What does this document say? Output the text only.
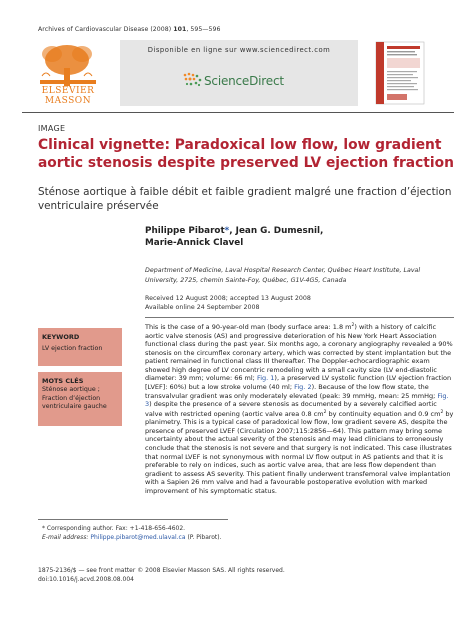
Archives of Cardiovascular Disease (2008) 101, 595—596
ELSEVIER
MASSON
Disponible en ligne sur www.sciencedirect.com
ScienceDirect
IMAGE
Clinical vignette: Paradoxical low flow, low gradient aortic stenosis despite preserved LV ejection fraction
Sténose aortique à faible débit et faible gradient malgré une fraction d’éjection ventriculaire préservée
Philippe Pibarot*, Jean G. Dumesnil,
Marie-Annick Clavel
Department of Medicine, Laval Hospital Research Center, Québec Heart Institute, Laval University, 2725, chemin Sainte-Foy, Québec, G1V-4G5, Canada
Received 12 August 2008; accepted 13 August 2008
Available online 24 September 2008
KEYWORD
LV ejection fraction
MOTS CLÉS
Sténose aortique ;
Fraction d’éjection
ventriculaire gauche
This is the case of a 90-year-old man (body surface area: 1.8 $m^2$) with a history of calcific aortic valve stenosis (AS) and progressive deterioration of his New York Heart Association functional class during the past year. Six months ago, a coronary angiography revealed a 90% stenosis on the circumflex coronary artery, which was corrected by stent implantation but the patient remained in functional class III thereafter. The Doppler-echocardiographic exam showed high degree of LV concentric remodeling with a small cavity size (LV end-diastolic diameter: 39 mm; volume: 66 ml; Fig. 1), a preserved LV systolic function (LV ejection fraction [LVEF]: 60%) but a low stroke volume (40 ml; Fig. 2). Because of the low flow state, the transvalvular gradient was only moderately elevated (peak: 39 mmHg, mean: 25 mmHg; Fig. 3) despite the presence of a severe stenosis as documented by a severely calcified aortic valve with restricted opening (aortic valve area 0.8 $cm^2$ by continuity equation and 0.9 $cm^2$ by planimetry. This is a typical case of paradoxical low flow, low gradient severe AS, despite the presence of preserved LVEF (Circulation 2007;115:2856—64). This pattern may bring some uncertainty about the actual severity of the stenosis and may lead clinicians to erroneously conclude that the stenosis is not severe and that surgery is not indicated. This case illustrates that normal LVEF is not synonymous with normal LV flow output in AS patients and that it is preferable to rely on indices, such as aortic valve area, that are less flow dependent than gradient to assess AS severity. This patient finally underwent transfemoral valve implantation with a Sapien 26 mm valve and had a favourable postoperative evolution with marked improvement of his symptomatic status.
* Corresponding author. Fax: +1-418-656-4602.
E-mail address: Philippe.pibarot@med.ulaval.ca (P. Pibarot).
1875-2136/$ — see front matter © 2008 Elsevier Masson SAS. All rights reserved.
doi:10.1016/j.acvd.2008.08.004
